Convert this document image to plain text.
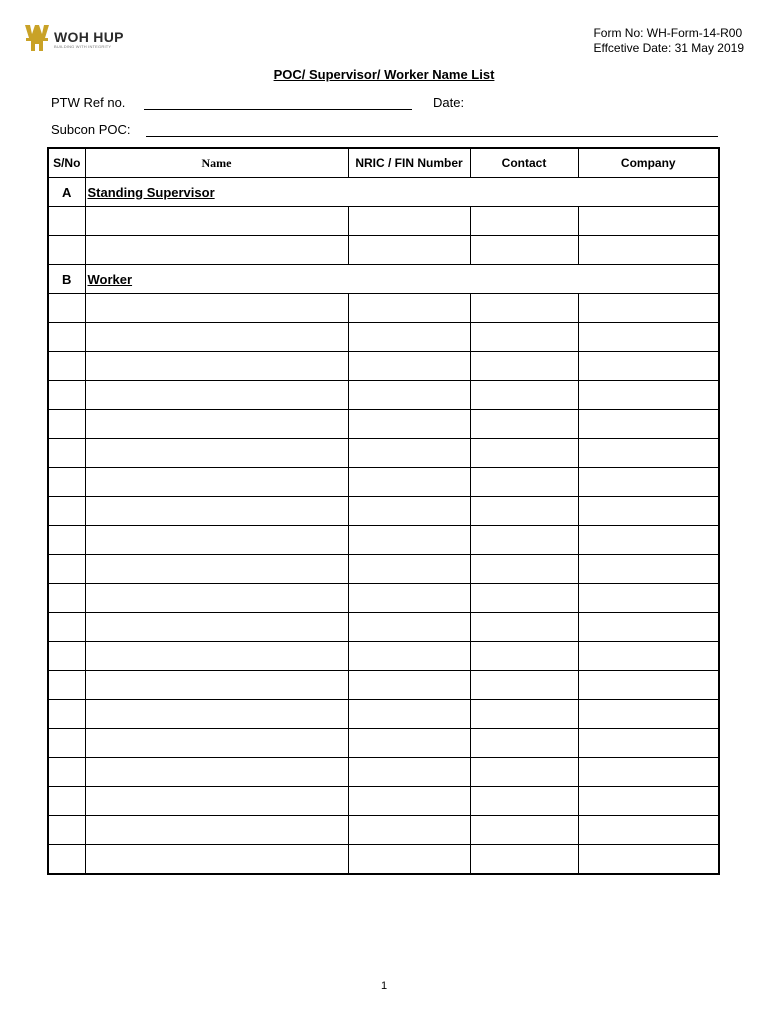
WOH HUP
BUILDING WITH INTEGRITY
Form No: WH-Form-14-R00
Effcetive Date: 31 May 2019
POC/ Supervisor/ Worker Name List
PTW Ref no.	Date:
Subcon POC:
S/No	Name	NRIC / FIN Number	Contact	Company
A	Standing Supervisor			

B	Worker			

1
